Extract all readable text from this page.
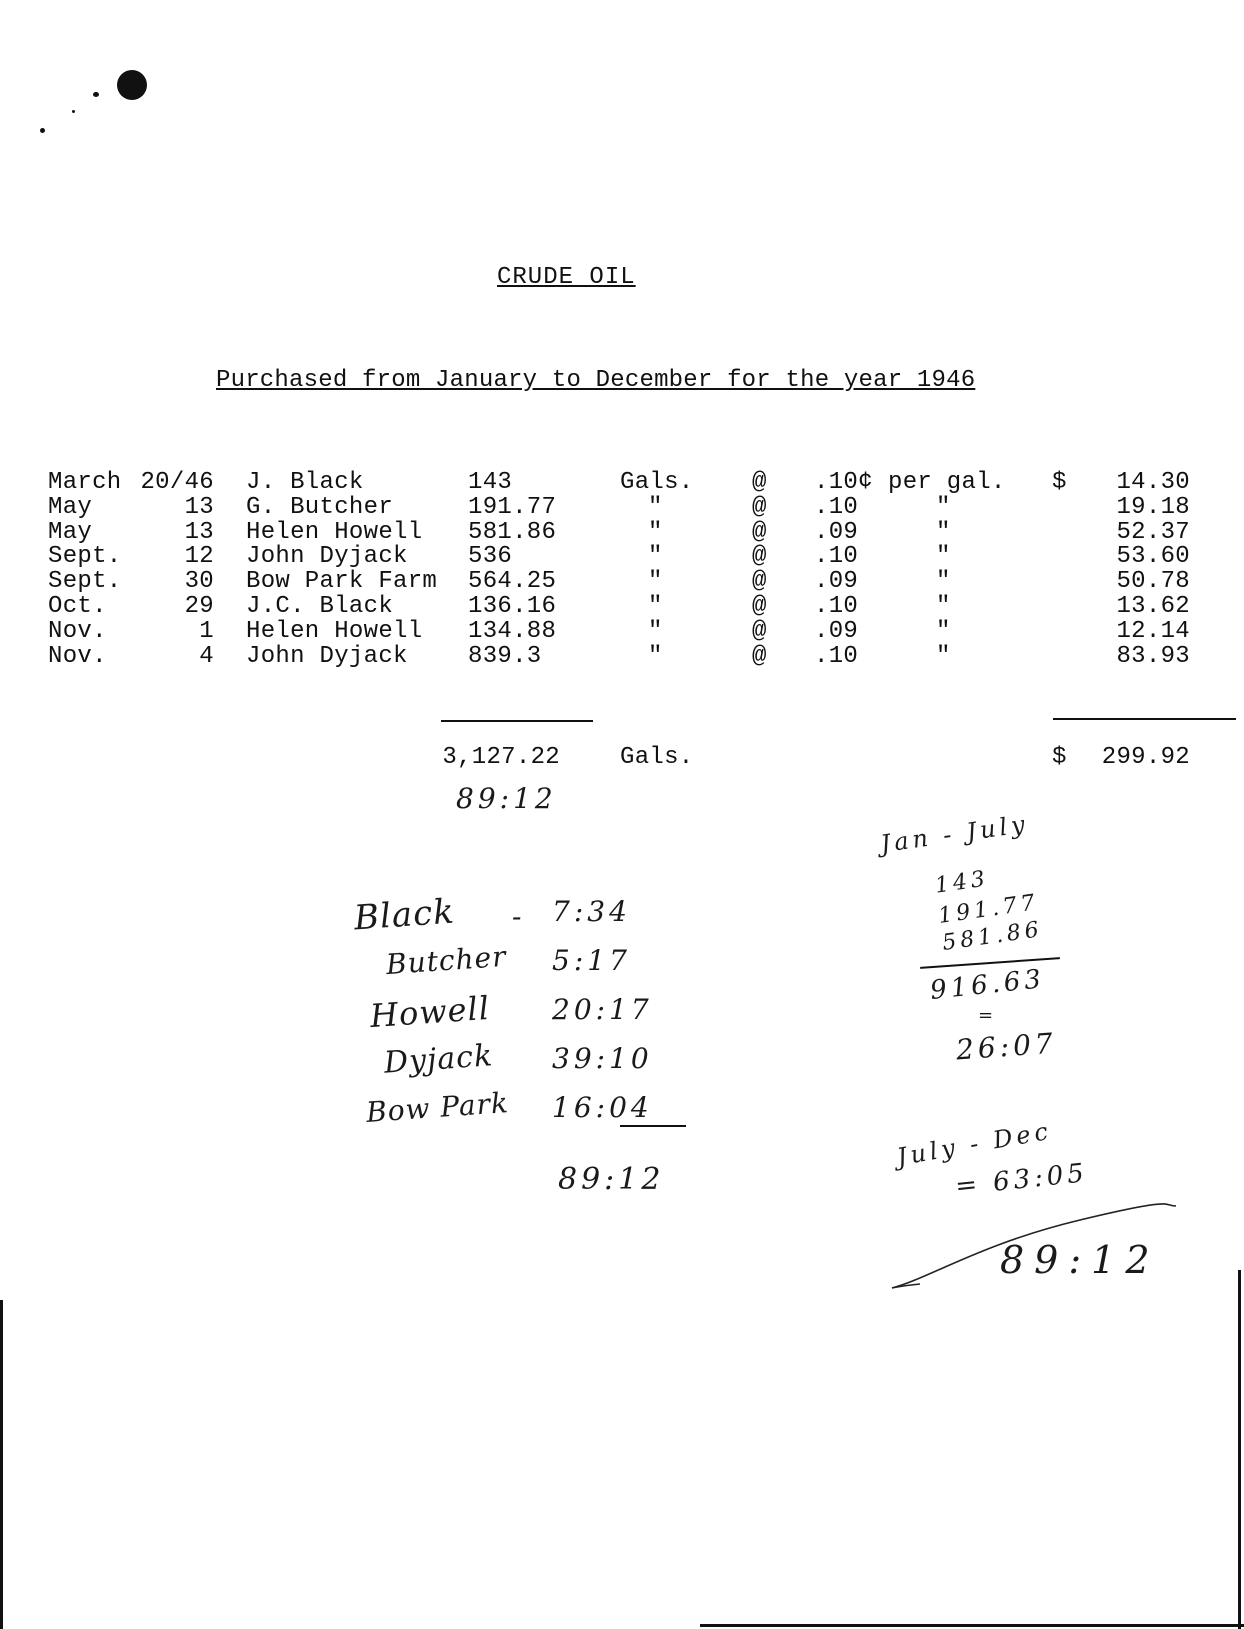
CRUDE OIL
Purchased from January to December for the year 1946
March 20/46 J. Black	143	Gals. @ .10¢ per gal. $	14.30
May	13 G. Butcher	191.77	"	@ .10	"	19.18
May	13 Helen Howell 581.86	"	@ .09	"	52.37
Sept.	12 John Dyjack	536	"	@ .10	"	53.60
Sept.	30 Bow Park Farm 564.25	"	@ .09	"	50.78
Oct.	29 J.C. Black	136.16	"	@ .10	"	13.62
Nov.	1 Helen Howell 134.88	"	@ .09	"	12.14
Nov.	4 John Dyjack	839.3	"	@ .10	"	83.93
3,127.22	Gals.	$	299.92
89:12
Black	7:34
Butcher 5:17
Howell 20:17
Dyjack 39:10
Bow Park 16:04
-
89:12
Jan - July
143
191.77
581.86
916.63
=
26:07
July - Dec
= 63:05
89:12
